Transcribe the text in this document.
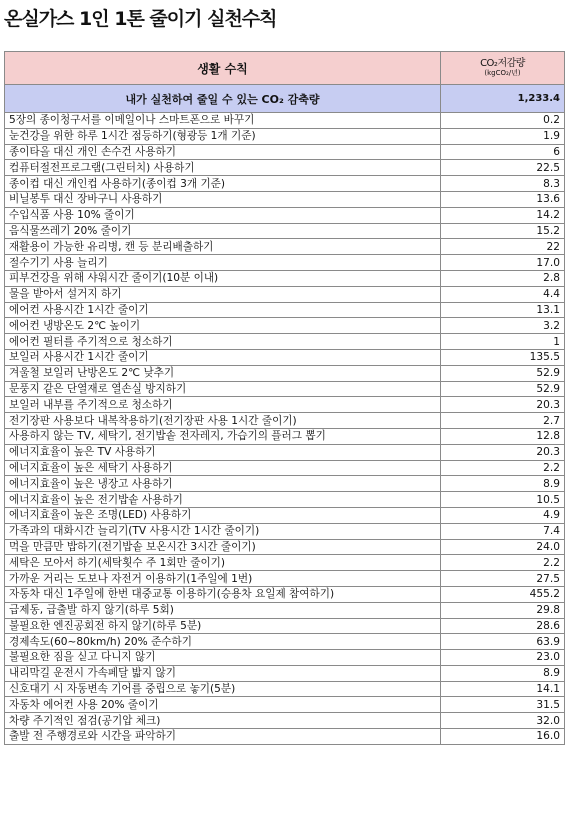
온실가스 1인 1톤 줄이기 실천수칙
생활 수칙	CO₂저감량
(kgCO₂/년)

내가 실천하여 줄일 수 있는 CO₂ 감축량	1,233.4
5장의 종이청구서를 이메일이나 스마트폰으로 바꾸기	0.2
눈건강을 위한 하루 1시간 점등하기(형광등 1개 기준)	1.9
종이타올 대신 개인 손수건 사용하기	6
컴퓨터절전프로그램(그린터치) 사용하기	22.5
종이컵 대신 개인컵 사용하기(종이컵 3개 기준)	8.3
비닐봉투 대신 장바구니 사용하기	13.6
수입식품 사용 10% 줄이기	14.2
음식물쓰레기 20% 줄이기	15.2
재활용이 가능한 유리병, 캔 등 분리배출하기	22
절수기기 사용 늘리기	17.0
피부건강을 위해 샤워시간 줄이기(10분 이내)	2.8
물을 받아서 설거지 하기	4.4
에어컨 사용시간 1시간 줄이기	13.1
에어컨 냉방온도 2℃ 높이기	3.2
에어컨 필터를 주기적으로 청소하기	1
보일러 사용시간 1시간 줄이기	135.5
겨울철 보일러 난방온도 2℃ 낮추기	52.9
문풍지 같은 단열재로 열손실 방지하기	52.9
보일러 내부를 주기적으로 청소하기	20.3
전기장판 사용보다 내복착용하기(전기장판 사용 1시간 줄이기)	2.7
사용하지 않는 TV, 세탁기, 전기밥솥 전자레지, 가습기의 플러그 뽑기	12.8
에너지효율이 높은 TV 사용하기	20.3
에너지효율이 높은 세탁기 사용하기	2.2
에너지효율이 높은 냉장고 사용하기	8.9
에너지효율이 높은 전기밥솥 사용하기	10.5
에너지효율이 높은 조명(LED) 사용하기	4.9
가족과의 대화시간 늘리기(TV 사용시간 1시간 줄이기)	7.4
먹을 만큼만 밥하기(전기밥솥 보온시간 3시간 줄이기)	24.0
세탁은 모아서 하기(세탁횟수 주 1회만 줄이기)	2.2
가까운 거리는 도보나 자전거 이용하기(1주일에 1번)	27.5
자동차 대신 1주일에 한번 대중교통 이용하기(승용차 요일제 참여하기)	455.2
급제동, 급출발 하지 않기(하루 5회)	29.8
불필요한 엔진공회전 하지 않기(하루 5분)	28.6
경제속도(60~80km/h) 20% 준수하기	63.9
불필요한 짐을 싣고 다니지 않기	23.0
내리막길 운전시 가속페달 밟지 않기	8.9
신호대기 시 자동변속 기어를 중립으로 놓기(5분)	14.1
자동차 에어컨 사용 20% 줄이기	31.5
차량 주기적인 점검(공기압 체크)	32.0
출발 전 주행경로와 시간을 파악하기	16.0
